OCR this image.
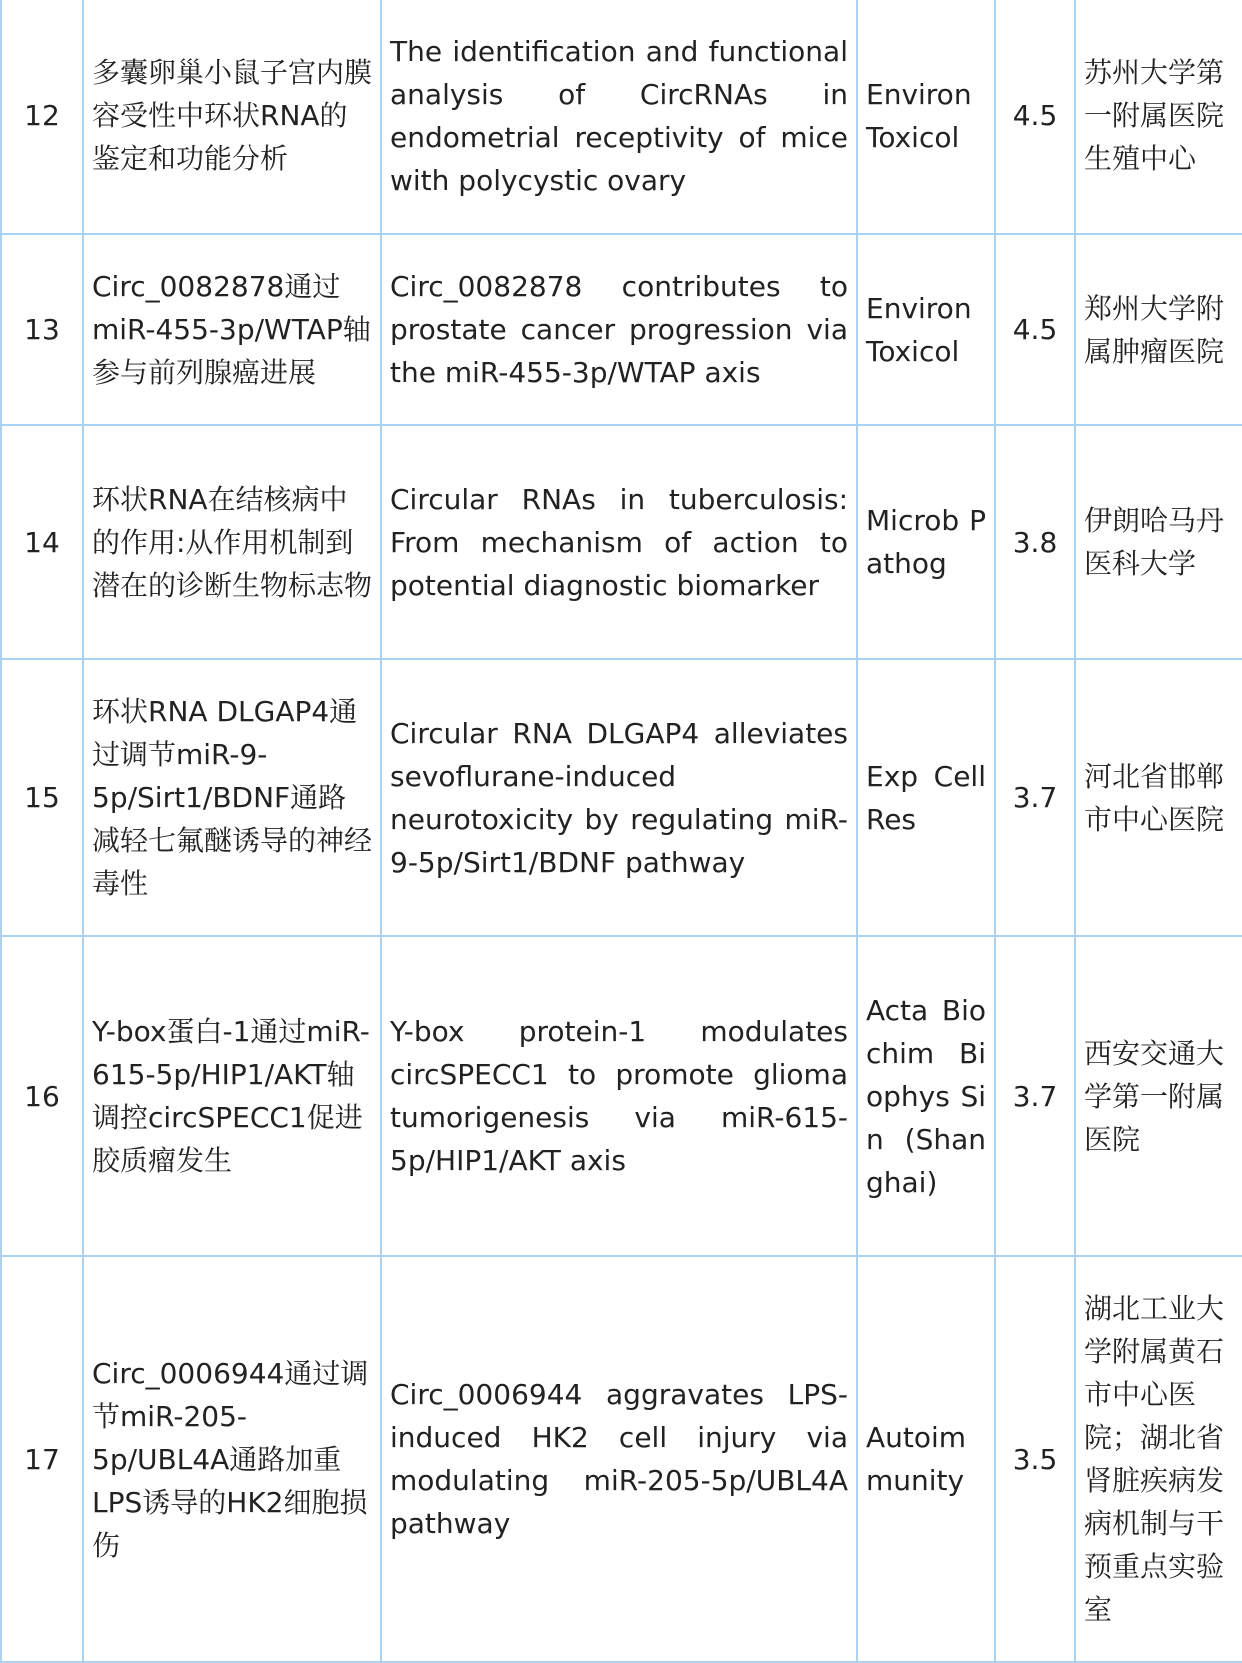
12	多囊卵巢小鼠子宫内膜容受性中环状RNA的鉴定和功能分析	The identification and functional analysis of CircRNAs in endometrial receptivity of mice with polycystic ovary	Environ Toxicol	4.5	苏州大学第一附属医院生殖中心
13	Circ_0082878通过miR-455-3p/WTAP轴参与前列腺癌进展	Circ_0082878 contributes to prostate cancer progression via the miR-455-3p/WTAP axis	Environ Toxicol	4.5	郑州大学附属肿瘤医院
14	环状RNA在结核病中的作用:从作用机制到潜在的诊断生物标志物	Circular RNAs in tuberculosis: From mechanism of action to potential diagnostic biomarker	Microb Pathog	3.8	伊朗哈马丹医科大学
15	环状RNA DLGAP4通过调节miR-9-5p/Sirt1/BDNF通路减轻七氟醚诱导的神经毒性	Circular RNA DLGAP4 alleviates sevoflurane-induced neurotoxicity by regulating miR-9-5p/Sirt1/BDNF pathway	Exp Cell Res	3.7	河北省邯郸市中心医院
16	Y-box蛋白-1通过miR-615-5p/HIP1/AKT轴调控circSPECC1促进胶质瘤发生	Y-box protein-1 modulates circSPECC1 to promote glioma tumorigenesis via miR-615-5p/HIP1/AKT axis	Acta Biochim Biophys Sin (Shanghai)	3.7	西安交通大学第一附属医院
17	Circ_0006944通过调节miR-205-5p/UBL4A通路加重LPS诱导的HK2细胞损伤	Circ_0006944 aggravates LPS-induced HK2 cell injury via modulating miR-205-5p/UBL4A pathway	Autoimmunity	3.5	湖北工业大学附属黄石市中心医院；湖北省肾脏疾病发病机制与干预重点实验室
